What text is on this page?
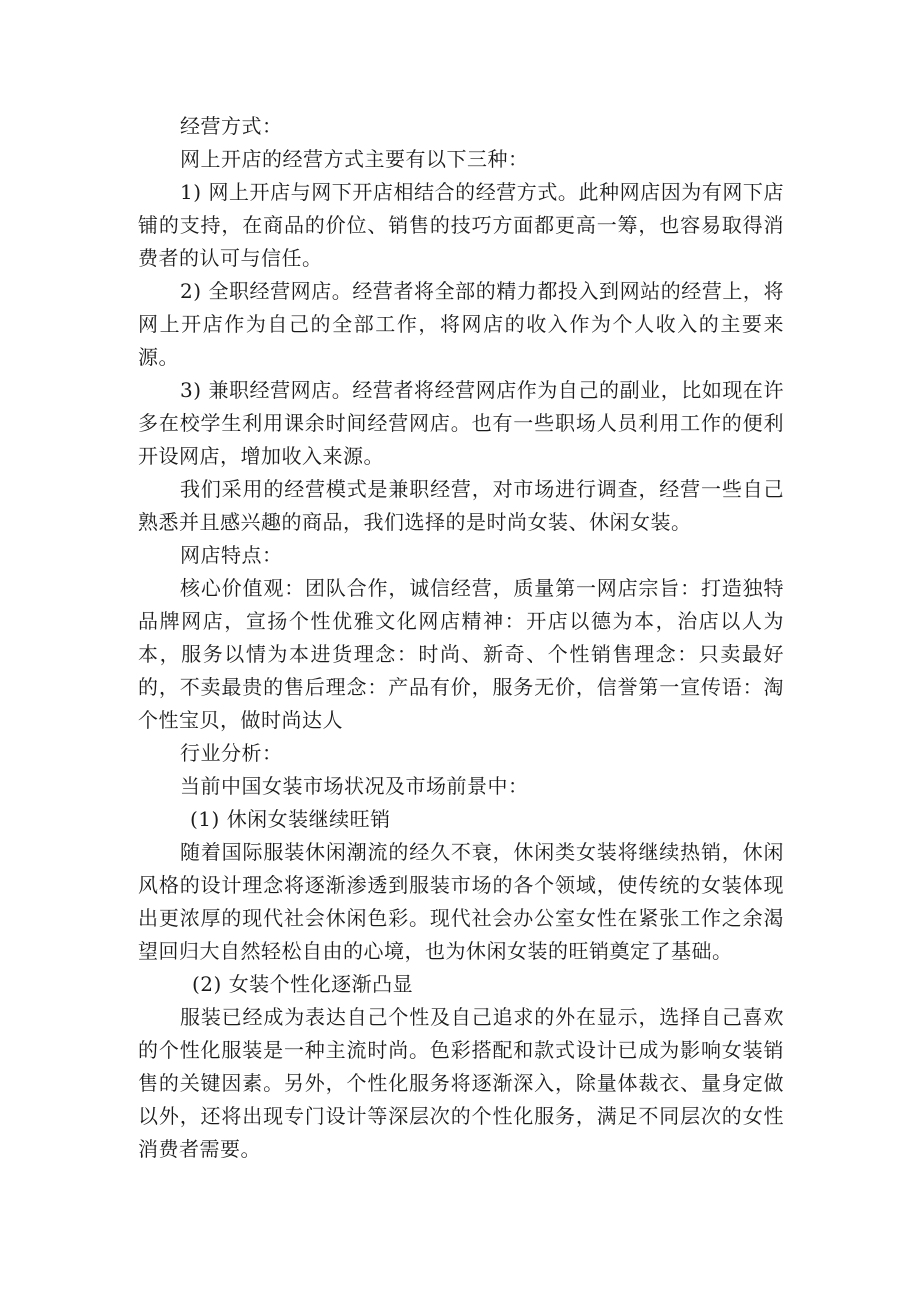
经营方式：

网上开店的经营方式主要有以下三种：

1) 网上开店与网下开店相结合的经营方式。此种网店因为有网下店铺的支持，在商品的价位、销售的技巧方面都更高一筹，也容易取得消费者的认可与信任。

2) 全职经营网店。经营者将全部的精力都投入到网站的经营上，将网上开店作为自己的全部工作，将网店的收入作为个人收入的主要来源。

3) 兼职经营网店。经营者将经营网店作为自己的副业，比如现在许多在校学生利用课余时间经营网店。也有一些职场人员利用工作的便利开设网店，增加收入来源。

我们采用的经营模式是兼职经营，对市场进行调查，经营一些自己熟悉并且感兴趣的商品，我们选择的是时尚女装、休闲女装。

网店特点：

核心价值观：团队合作，诚信经营，质量第一网店宗旨：打造独特品牌网店，宣扬个性优雅文化网店精神：开店以德为本，治店以人为本，服务以情为本进货理念：时尚、新奇、个性销售理念：只卖最好的，不卖最贵的售后理念：产品有价，服务无价，信誉第一宣传语：淘个性宝贝，做时尚达人

行业分析：

当前中国女装市场状况及市场前景中：

(1) 休闲女装继续旺销

随着国际服装休闲潮流的经久不衰，休闲类女装将继续热销，休闲风格的设计理念将逐渐渗透到服装市场的各个领域，使传统的女装体现出更浓厚的现代社会休闲色彩。现代社会办公室女性在紧张工作之余渴望回归大自然轻松自由的心境，也为休闲女装的旺销奠定了基础。

(2) 女装个性化逐渐凸显

服装已经成为表达自己个性及自己追求的外在显示，选择自己喜欢的个性化服装是一种主流时尚。色彩搭配和款式设计已成为影响女装销售的关键因素。另外，个性化服务将逐渐深入，除量体裁衣、量身定做以外，还将出现专门设计等深层次的个性化服务，满足不同层次的女性消费者需要。
